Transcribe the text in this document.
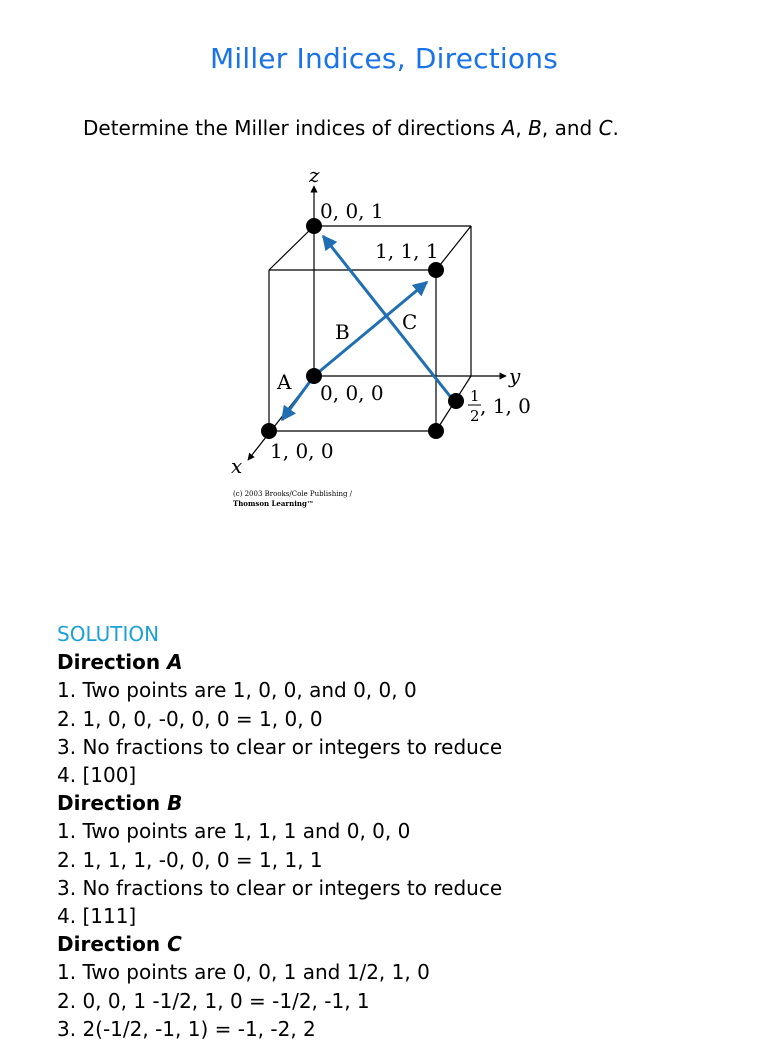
Miller Indices, Directions
Determine the Miller indices of directions A, B, and C.
z
y
x
0, 0, 1
1, 1, 1
0, 0, 0
1, 0, 0
1
2 , 1, 0
A
B	C
(c) 2003 Brooks/Cole Publishing /
Thomson Learning™
SOLUTION
Direction A
1. Two points are 1, 0, 0, and 0, 0, 0
2. 1, 0, 0, -0, 0, 0 = 1, 0, 0
3. No fractions to clear or integers to reduce
4. [100]
Direction B
1. Two points are 1, 1, 1 and 0, 0, 0
2. 1, 1, 1, -0, 0, 0 = 1, 1, 1
3. No fractions to clear or integers to reduce
4. [111]
Direction C
1. Two points are 0, 0, 1 and 1/2, 1, 0
2. 0, 0, 1 -1/2, 1, 0 = -1/2, -1, 1
3. 2(-1/2, -1, 1) = -1, -2, 2
